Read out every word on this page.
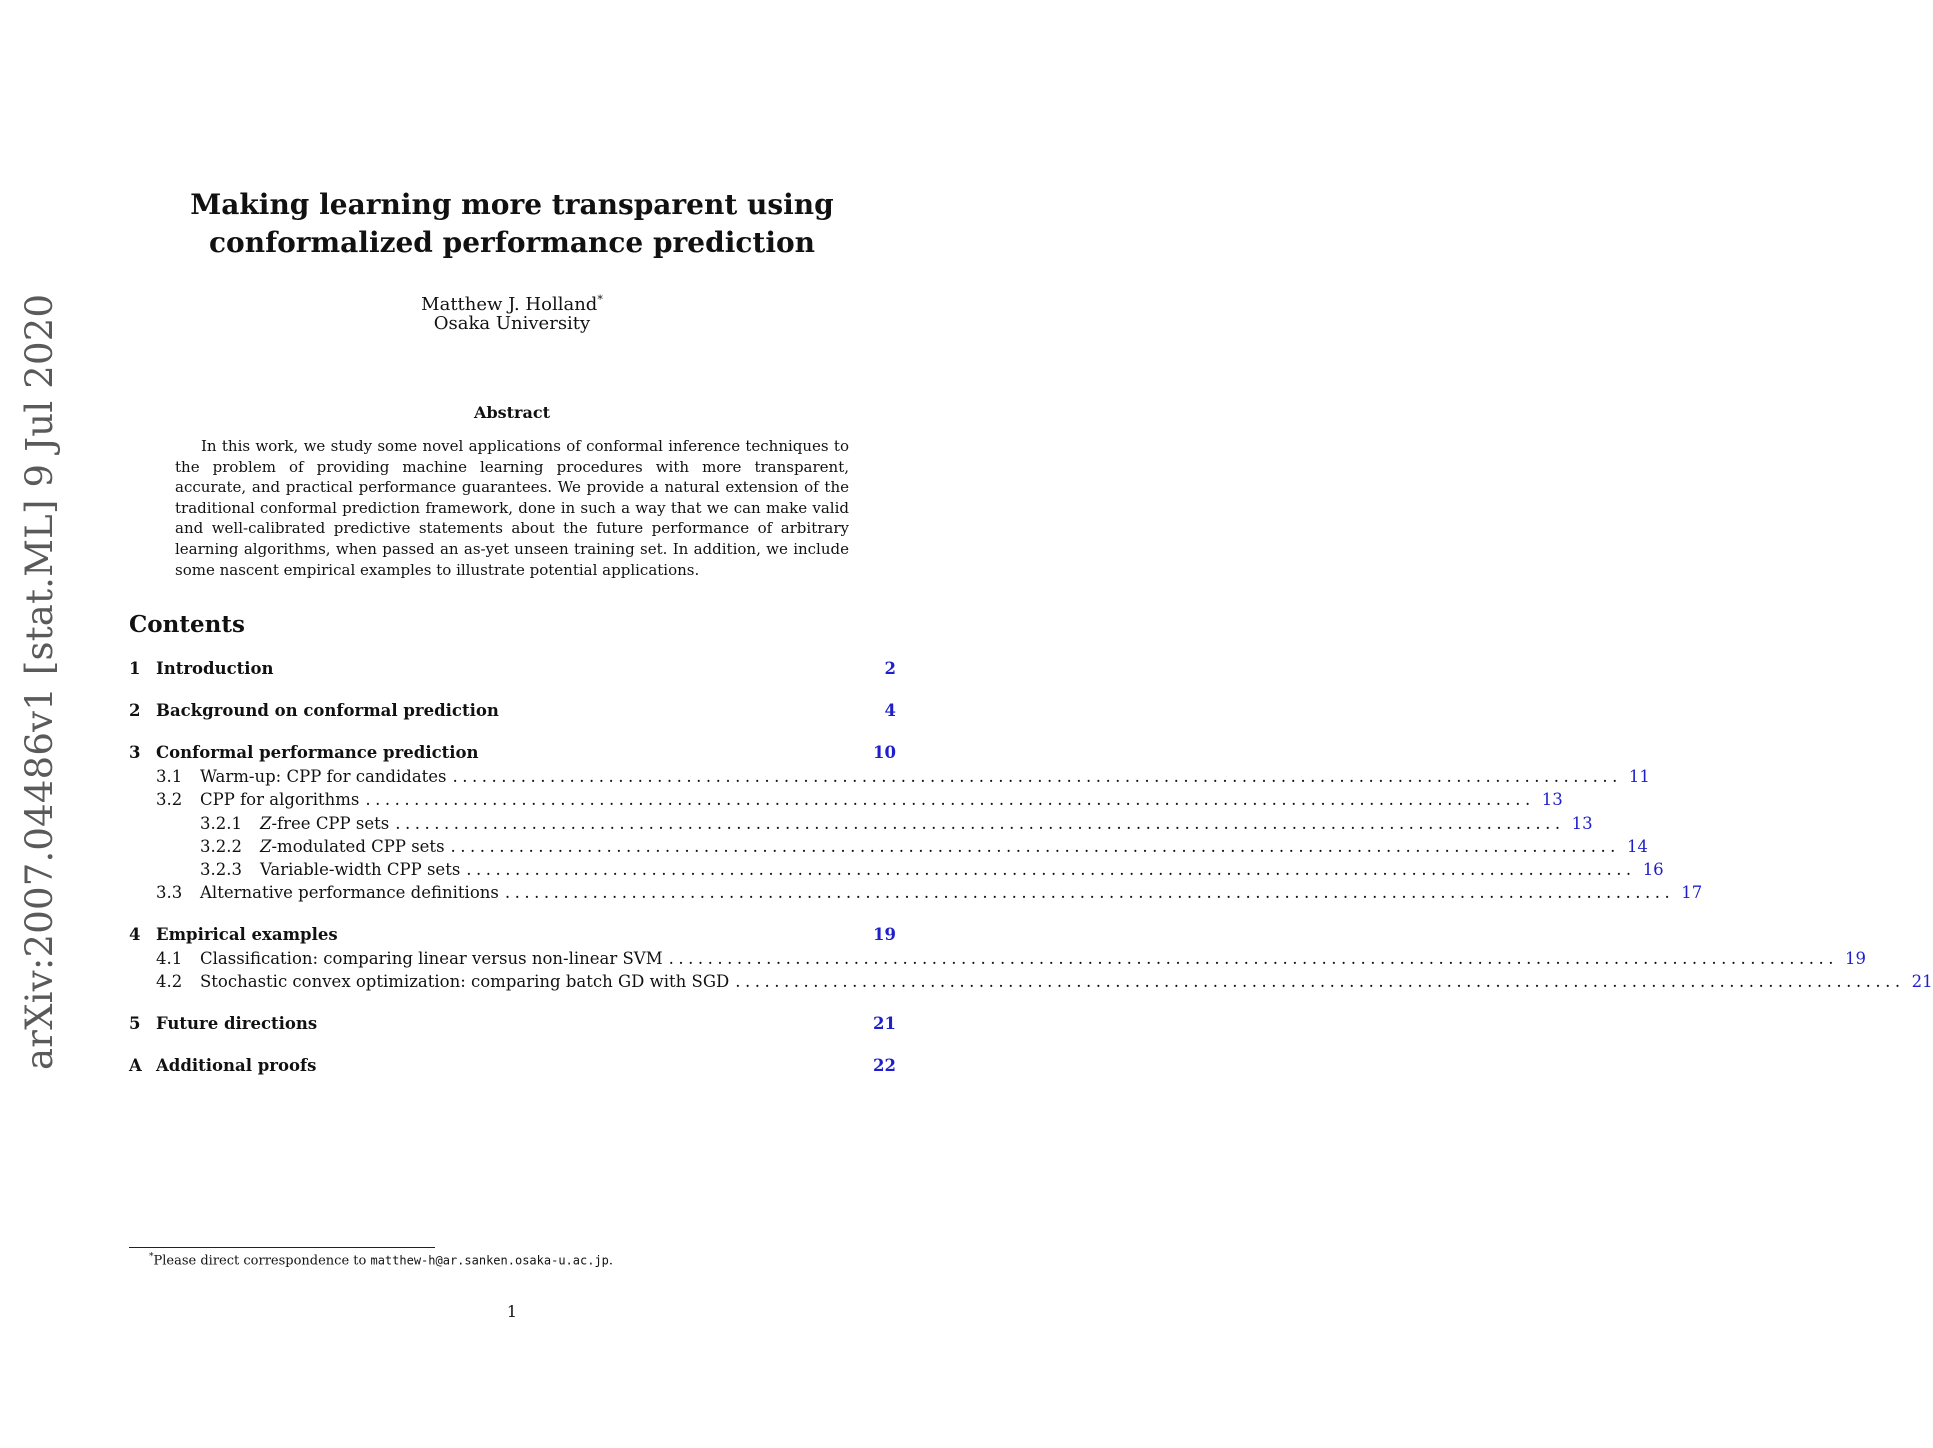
arXiv:2007.04486v1 [stat.ML] 9 Jul 2020
Making learning more transparent using conformalized performance prediction
Matthew J. Holland*
Osaka University
Abstract
In this work, we study some novel applications of conformal inference techniques to the problem of providing machine learning procedures with more transparent, accurate, and practical performance guarantees. We provide a natural extension of the traditional conformal prediction framework, done in such a way that we can make valid and well-calibrated predictive statements about the future performance of arbitrary learning algorithms, when passed an as-yet unseen training set. In addition, we include some nascent empirical examples to illustrate potential applications.
Contents
1 Introduction	2
2 Background on conformal prediction	4
3 Conformal performance prediction	10
3.1	Warm-up: CPP for candidates ........................................................................................................................ 11
3.2	CPP for algorithms ........................................................................................................................ 13
3.2.1	Z-free CPP sets ........................................................................................................................ 13
3.2.2	Z-modulated CPP sets ........................................................................................................................ 14
3.2.3	Variable-width CPP sets ........................................................................................................................ 16
3.3	Alternative performance definitions ........................................................................................................................ 17
4 Empirical examples	19
4.1	Classification: comparing linear versus non-linear SVM ........................................................................................................................ 19
4.2	Stochastic convex optimization: comparing batch GD with SGD ........................................................................................................................ 21
5 Future directions	21
A Additional proofs	22
*Please direct correspondence to matthew-h@ar.sanken.osaka-u.ac.jp.
1
